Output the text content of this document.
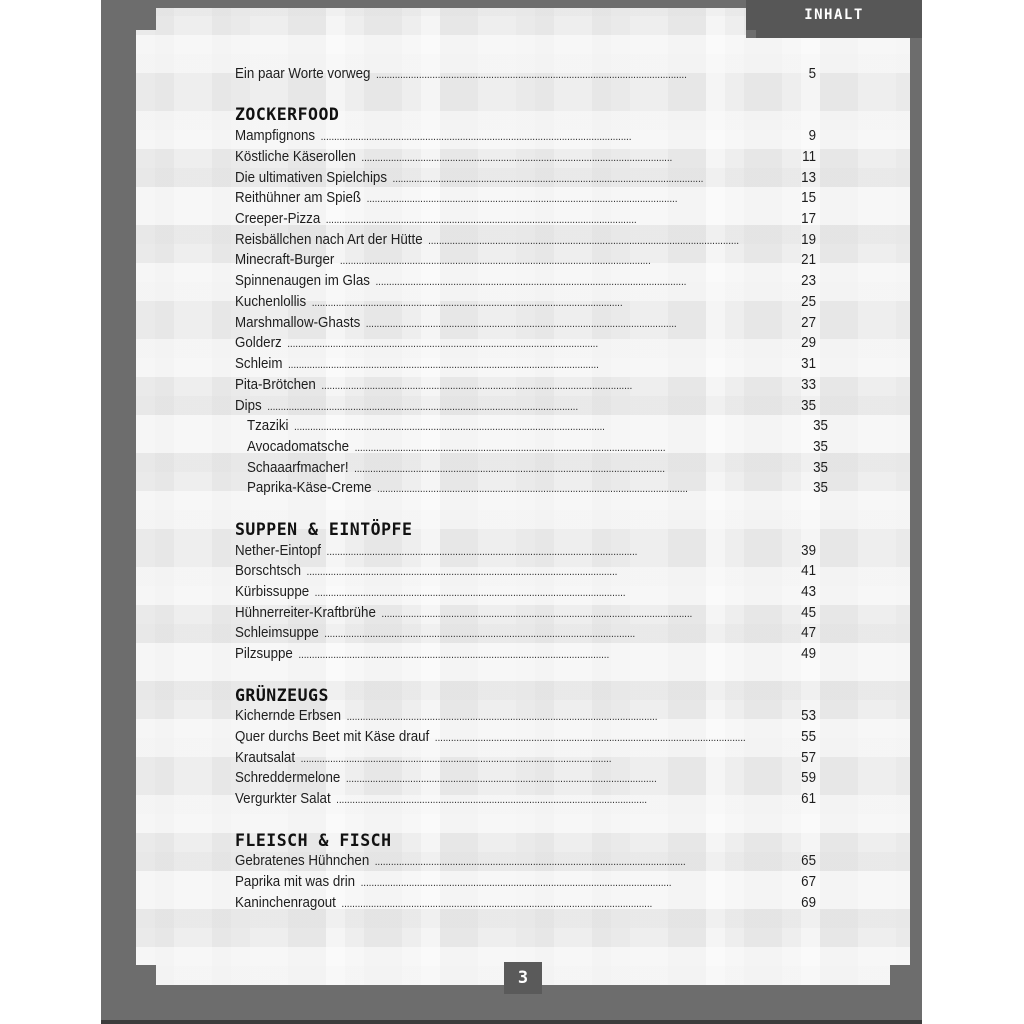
INHALT
Ein paar Worte vorweg . . .	5
ZOCKERFOOD
Mampfignons . . .	9
Köstliche Käserollen . . .	11
Die ultimativen Spielchips . . .	13
Reithühner am Spieß . . .	15
Creeper-Pizza . . .	17
Reisbällchen nach Art der Hütte . . .	19
Minecraft-Burger . . .	21
Spinnenaugen im Glas . . .	23
Kuchenlollis . . .	25
Marshmallow-Ghasts . . .	27
Golderz . . .	29
Schleim . . .	31
Pita-Brötchen . . .	33
Dips . . .	35
Tzaziki . . .	35
Avocadomatsche . . .	35
Schaaarfmacher! . . .	35
Paprika-Käse-Creme . . .	35
SUPPEN & EINTÖPFE
Nether-Eintopf . . .	39
Borschtsch . . .	41
Kürbissuppe . . .	43
Hühnerreiter-Kraftbrühe . . .	45
Schleimsuppe . . .	47
Pilzsuppe . . .	49
GRÜNZEUGS
Kichernde Erbsen . . .	53
Quer durchs Beet mit Käse drauf . . .	55
Krautsalat . . .	57
Schreddermelone . . .	59
Vergurkter Salat . . .	61
FLEISCH & FISCH
Gebratenes Hühnchen . . .	65
Paprika mit was drin . . .	67
Kaninchenragout . . .	69
3
